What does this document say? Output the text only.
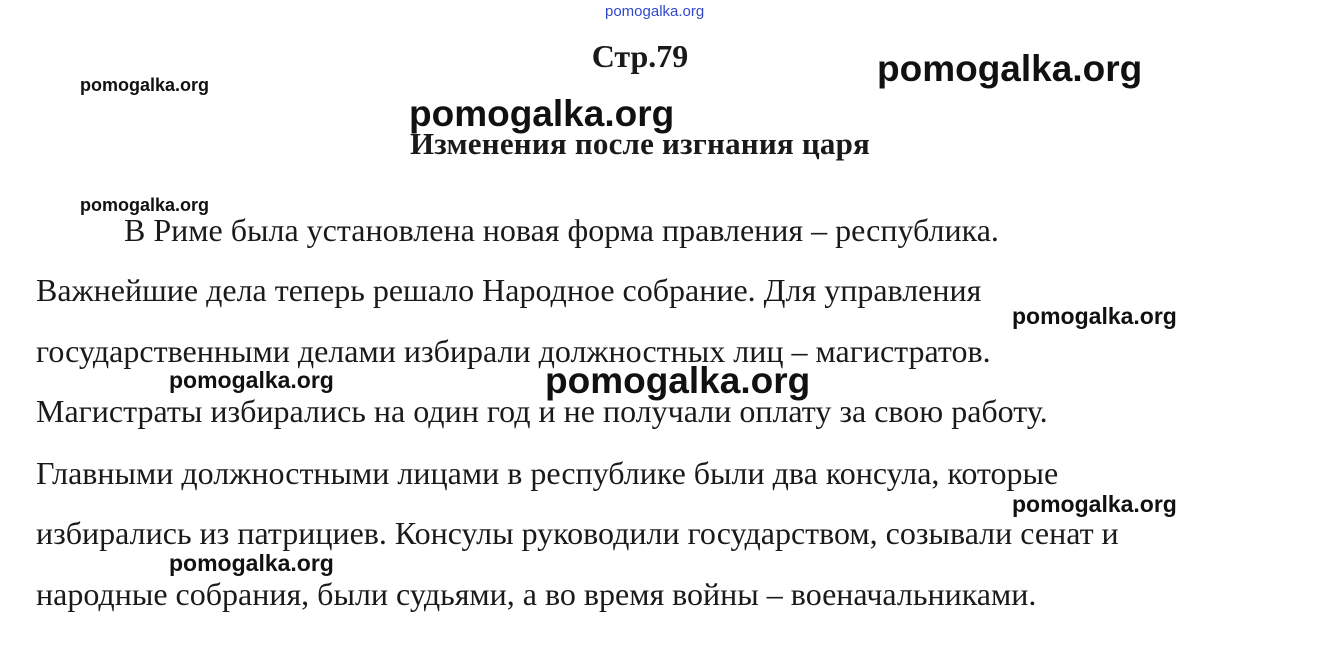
pomogalka.org
Стр.79
Изменения после изгнания царя

В Риме была установлена новая форма правления – республика.

Важнейшие дела теперь решало Народное собрание. Для управления

государственными делами избирали должностных лиц – магистратов.

Магистраты избирались на один год и не получали оплату за свою работу.

Главными должностными лицами в республике были два консула, которые

избирались из патрициев. Консулы руководили государством, созывали сенат и

народные собрания, были судьями, а во время войны – военачальниками.

pomogalka.org	pomogalka.org
pomogalka.org
pomogalka.org
pomogalka.org
pomogalka.org	pomogalka.org
pomogalka.org
pomogalka.org
